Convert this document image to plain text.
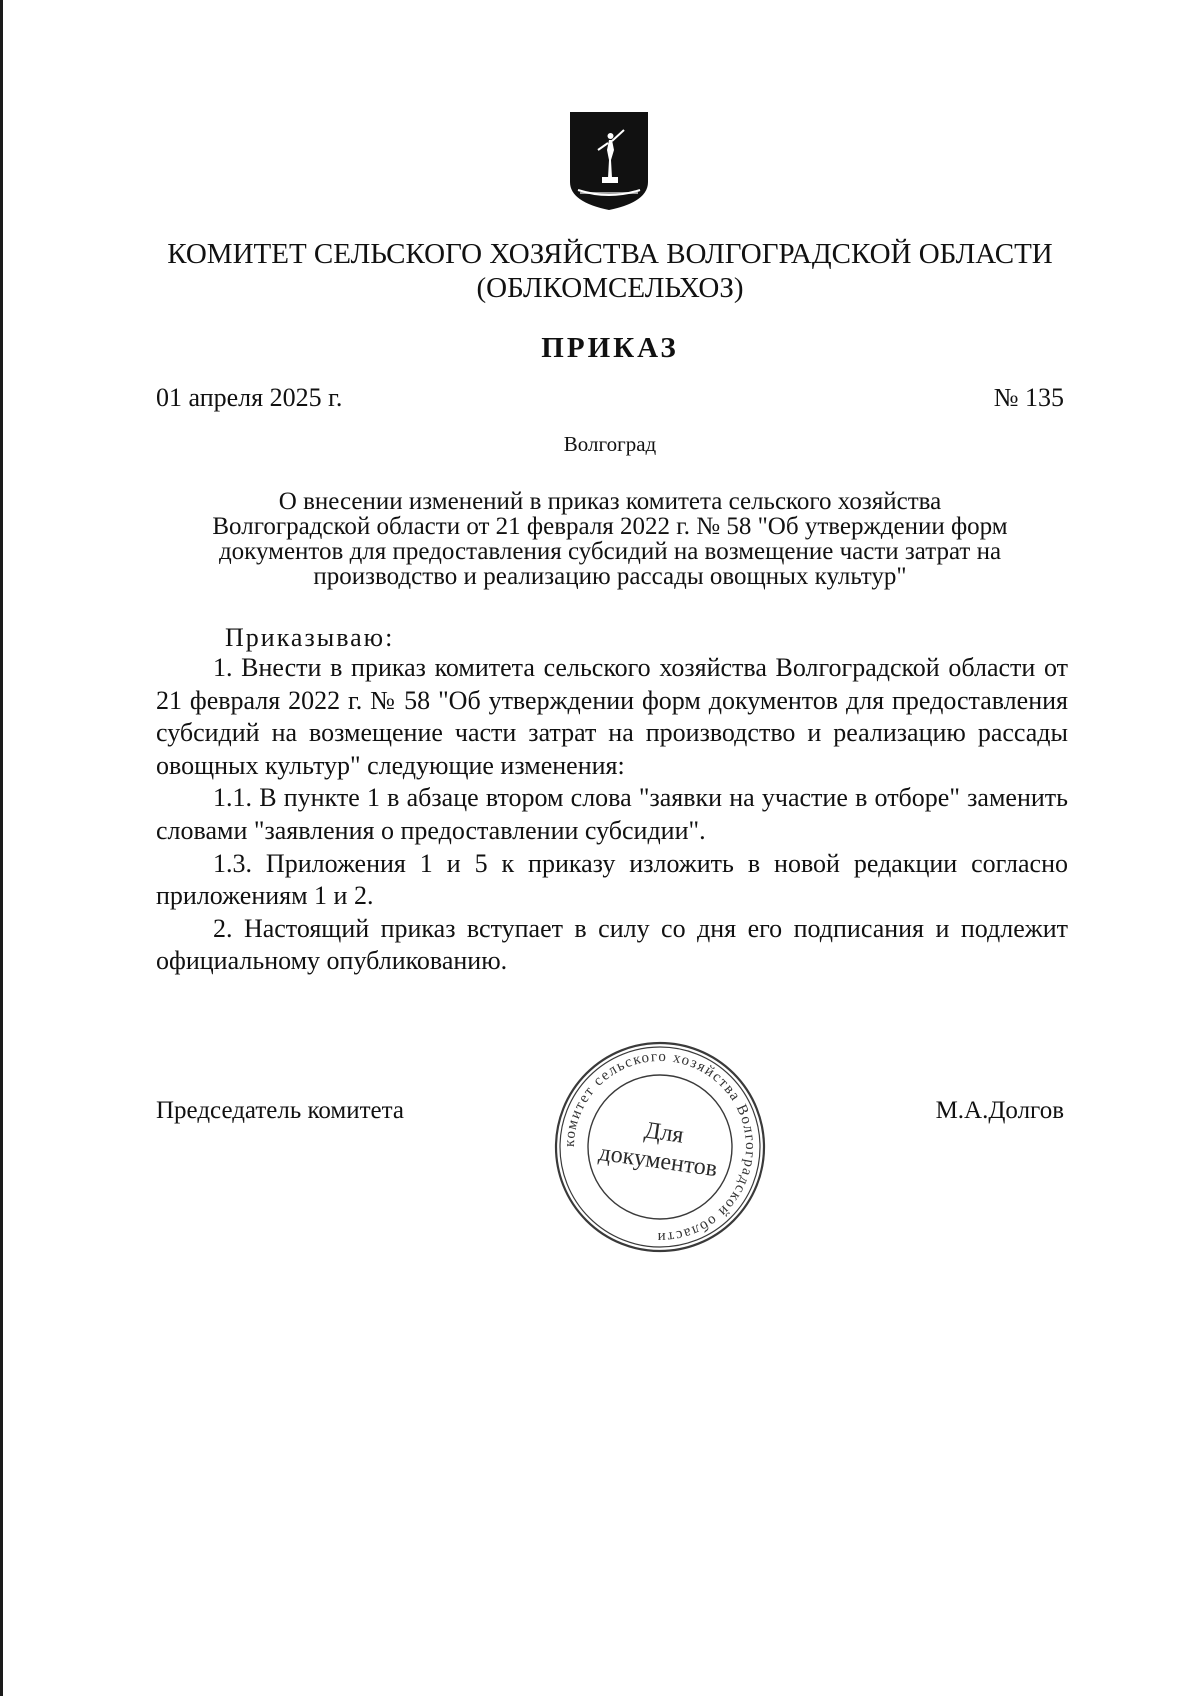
КОМИТЕТ СЕЛЬСКОГО ХОЗЯЙСТВА ВОЛГОГРАДСКОЙ ОБЛАСТИ
(ОБЛКОМСЕЛЬХОЗ)
ПРИКАЗ
01 апреля 2025 г.	№ 135
Волгоград
О внесении изменений в приказ комитета сельского хозяйства
Волгоградской области от 21 февраля 2022 г. № 58 "Об утверждении форм
документов для предоставления субсидий на возмещение части затрат на
производство и реализацию рассады овощных культур"
Приказываю:

1. Внести в приказ комитета сельского хозяйства Волгоградской области от 21 февраля 2022 г. № 58 "Об утверждении форм документов для предоставления субсидий на возмещение части затрат на производство и реализацию рассады овощных культур" следующие изменения:

1.1. В пункте 1 в абзаце втором слова "заявки на участие в отборе" заменить словами "заявления о предоставлении субсидии".

1.3. Приложения 1 и 5 к приказу изложить в новой редакции согласно приложениям 1 и 2.

2. Настоящий приказ вступает в силу со дня его подписания и подлежит официальному опубликованию.

Председатель комитета	М.А.Долгов
комитет сельского хозяйства Волгоградской области
Для
документов
